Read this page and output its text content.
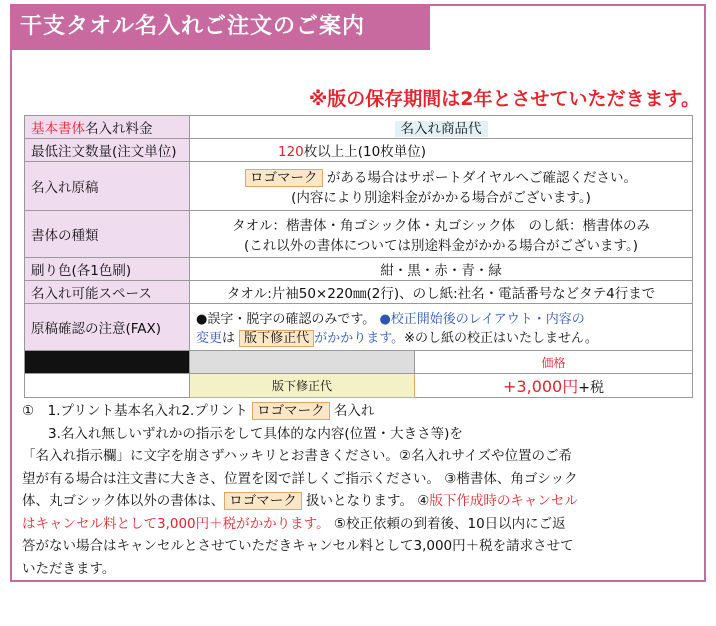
干支タオル名入れご注文のご案内
※版の保存期間は2年とさせていただきます。
基本書体名入れ料金	名入れ商品代	
最低注文数量(注文単位)	120枚以上上(10枚単位)	
名入れ原稿	ロゴマーク がある場合はサポートダイヤルへご確認ください。
(内容により別途料金がかかる場合がございます。)	

書体の種類	タオル：楷書体・角ゴシック体・丸ゴシック体　のし紙：楷書体のみ
(これ以外の書体については別途料金がかかる場合がございます。)	

刷り色(各1色刷)	紺・黒・赤・青・緑	
名入れ可能スペース	タオル:片袖50×220㎜(2行)、のし紙:社名・電話番号などタテ4行まで	
原稿確認の注意(FAX)	●誤字・脱字の確認のみです。 ●校正開始後のレイアウト・内容の
変更は 版下修正代 がかかります。※のし紙の校正はいたしません。	

		価格
	版下修正代	+3,000円+税

①　1.プリント基本名入れ2.プリント ロゴマーク 名入れ

3.名入れ無しいずれかの指示をして具体的な内容(位置・大きさ等)を

「名入れ指示欄」に文字を崩さずハッキリとお書きください。②名入れサイズや位置のご希

望が有る場合は注文書に大きさ、位置を図で詳しくご指示ください。 ③楷書体、角ゴシック

体、丸ゴシック体以外の書体は、 ロゴマーク 扱いとなります。 ④版下作成時のキャンセル

はキャンセル料として3,000円＋税がかかります。 ⑤校正依頼の到着後、10日以内にご返

答がない場合はキャンセルとさせていただきキャンセル料として3,000円＋税を請求させて

いただきます。
